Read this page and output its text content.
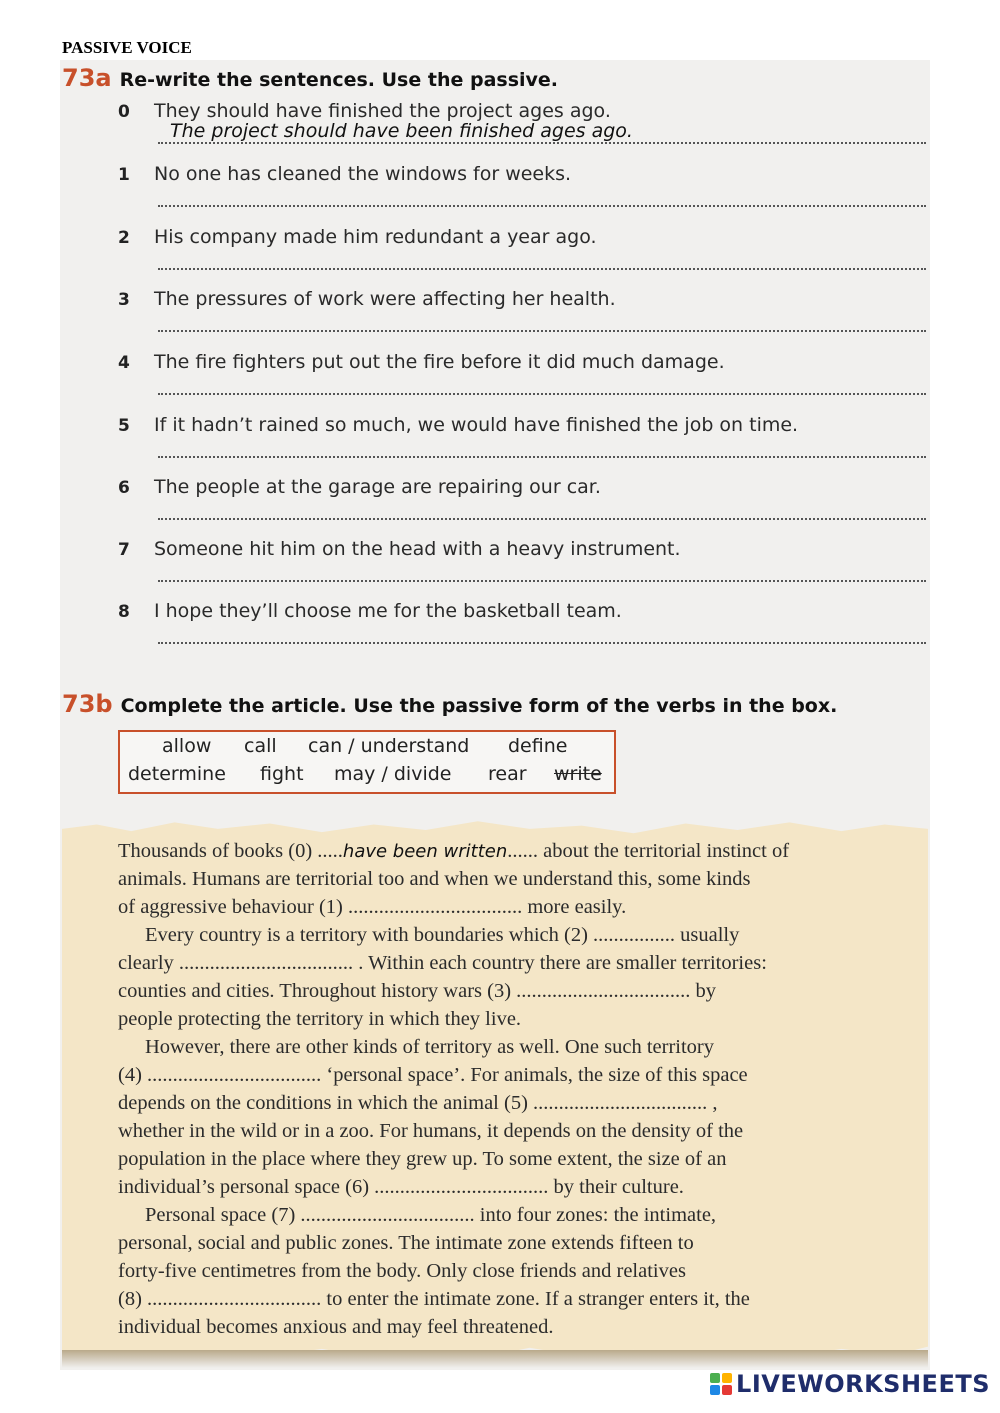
PASSIVE VOICE
73a Re-write the sentences. Use the passive.
0	They should have finished the project ages ago.
The project should have been finished ages ago.
1	No one has cleaned the windows for weeks.
2	His company made him redundant a year ago.
3	The pressures of work were affecting her health.
4	The fire fighters put out the fire before it did much damage.
5	If it hadn’t rained so much, we would have finished the job on time.
6	The people at the garage are repairing our car.
7	Someone hit him on the head with a heavy instrument.
8	I hope they’ll choose me for the basketball team.
73b Complete the article. Use the passive form of the verbs in the box.
allow call can / understand define
determine fight may / divide rear write
Thousands of books (0) .....have been written...... about the territorial instinct of
animals. Humans are territorial too and when we understand this, some kinds
of aggressive behaviour (1) .................................. more easily.
Every country is a territory with boundaries which (2) ................ usually
clearly .................................. . Within each country there are smaller territories:
counties and cities. Throughout history wars (3) .................................. by
people protecting the territory in which they live.
However, there are other kinds of territory as well. One such territory
(4) .................................. ‘personal space’. For animals, the size of this space
depends on the conditions in which the animal (5) .................................. ,
whether in the wild or in a zoo. For humans, it depends on the density of the
population in the place where they grew up. To some extent, the size of an
individual’s personal space (6) .................................. by their culture.
Personal space (7) .................................. into four zones: the intimate,
personal, social and public zones. The intimate zone extends fifteen to
forty-five centimetres from the body. Only close friends and relatives
(8) .................................. to enter the intimate zone. If a stranger enters it, the
individual becomes anxious and may feel threatened.
LIVEWORKSHEETS
